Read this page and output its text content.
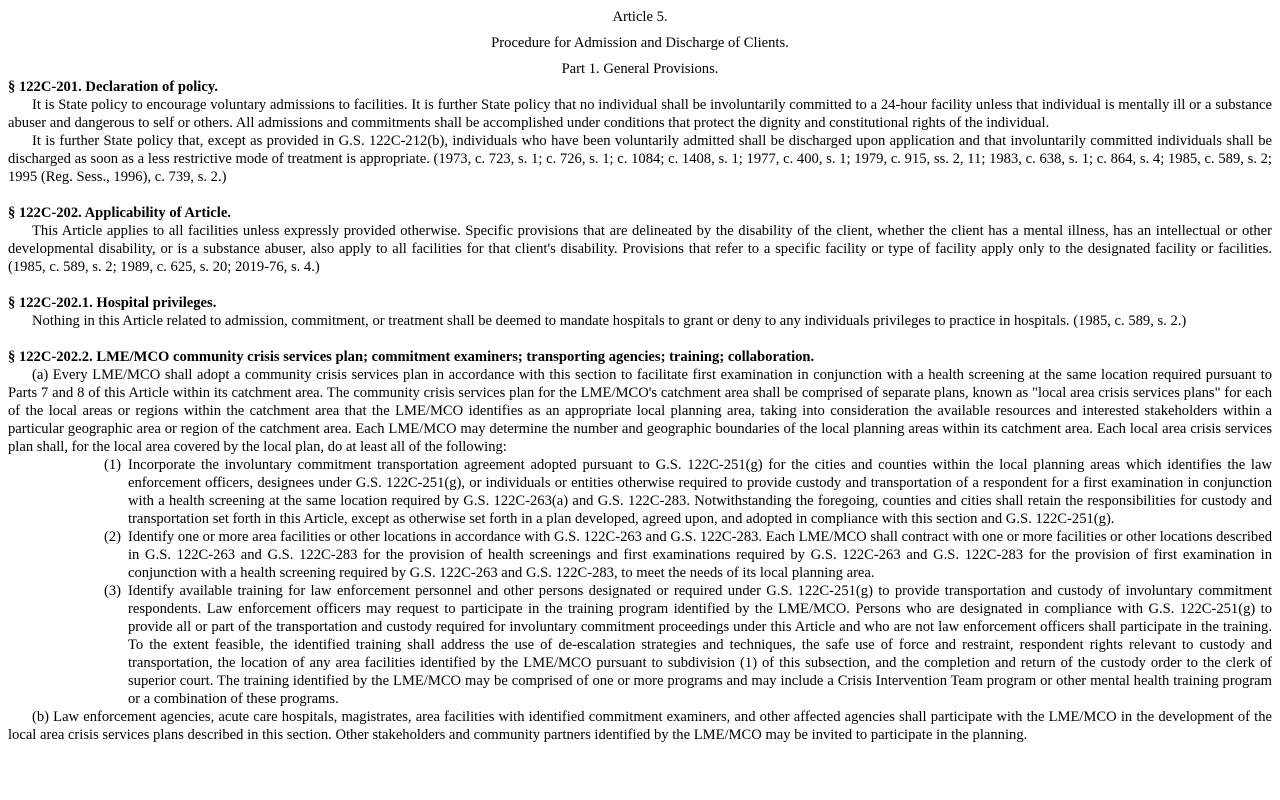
Article 5.

Procedure for Admission and Discharge of Clients.

Part 1. General Provisions.

§ 122C-201. Declaration of policy.

It is State policy to encourage voluntary admissions to facilities. It is further State policy that no individual shall be involuntarily committed to a 24-hour facility unless that individual is mentally ill or a substance abuser and dangerous to self or others. All admissions and commitments shall be accomplished under conditions that protect the dignity and constitutional rights of the individual.

It is further State policy that, except as provided in G.S. 122C-212(b), individuals who have been voluntarily admitted shall be discharged upon application and that involuntarily committed individuals shall be discharged as soon as a less restrictive mode of treatment is appropriate. (1973, c. 723, s. 1; c. 726, s. 1; c. 1084; c. 1408, s. 1; 1977, c. 400, s. 1; 1979, c. 915, ss. 2, 11; 1983, c. 638, s. 1; c. 864, s. 4; 1985, c. 589, s. 2; 1995 (Reg. Sess., 1996), c. 739, s. 2.)

§ 122C-202. Applicability of Article.

This Article applies to all facilities unless expressly provided otherwise. Specific provisions that are delineated by the disability of the client, whether the client has a mental illness, has an intellectual or other developmental disability, or is a substance abuser, also apply to all facilities for that client's disability. Provisions that refer to a specific facility or type of facility apply only to the designated facility or facilities. (1985, c. 589, s. 2; 1989, c. 625, s. 20; 2019-76, s. 4.)

§ 122C-202.1. Hospital privileges.

Nothing in this Article related to admission, commitment, or treatment shall be deemed to mandate hospitals to grant or deny to any individuals privileges to practice in hospitals. (1985, c. 589, s. 2.)

§ 122C-202.2. LME/MCO community crisis services plan; commitment examiners; transporting agencies; training; collaboration.

(a) Every LME/MCO shall adopt a community crisis services plan in accordance with this section to facilitate first examination in conjunction with a health screening at the same location required pursuant to Parts 7 and 8 of this Article within its catchment area. The community crisis services plan for the LME/MCO's catchment area shall be comprised of separate plans, known as "local area crisis services plans" for each of the local areas or regions within the catchment area that the LME/MCO identifies as an appropriate local planning area, taking into consideration the available resources and interested stakeholders within a particular geographic area or region of the catchment area. Each LME/MCO may determine the number and geographic boundaries of the local planning areas within its catchment area. Each local area crisis services plan shall, for the local area covered by the local plan, do at least all of the following:

(1) Incorporate the involuntary commitment transportation agreement adopted pursuant to G.S. 122C-251(g) for the cities and counties within the local planning areas which identifies the law enforcement officers, designees under G.S. 122C-251(g), or individuals or entities otherwise required to provide custody and transportation of a respondent for a first examination in conjunction with a health screening at the same location required by G.S. 122C-263(a) and G.S. 122C-283. Notwithstanding the foregoing, counties and cities shall retain the responsibilities for custody and transportation set forth in this Article, except as otherwise set forth in a plan developed, agreed upon, and adopted in compliance with this section and G.S. 122C-251(g).

(2) Identify one or more area facilities or other locations in accordance with G.S. 122C-263 and G.S. 122C-283. Each LME/MCO shall contract with one or more facilities or other locations described in G.S. 122C-263 and G.S. 122C-283 for the provision of health screenings and first examinations required by G.S. 122C-263 and G.S. 122C-283 for the provision of first examination in conjunction with a health screening required by G.S. 122C-263 and G.S. 122C-283, to meet the needs of its local planning area.

(3) Identify available training for law enforcement personnel and other persons designated or required under G.S. 122C-251(g) to provide transportation and custody of involuntary commitment respondents. Law enforcement officers may request to participate in the training program identified by the LME/MCO. Persons who are designated in compliance with G.S. 122C-251(g) to provide all or part of the transportation and custody required for involuntary commitment proceedings under this Article and who are not law enforcement officers shall participate in the training. To the extent feasible, the identified training shall address the use of de-escalation strategies and techniques, the safe use of force and restraint, respondent rights relevant to custody and transportation, the location of any area facilities identified by the LME/MCO pursuant to subdivision (1) of this subsection, and the completion and return of the custody order to the clerk of superior court. The training identified by the LME/MCO may be comprised of one or more programs and may include a Crisis Intervention Team program or other mental health training program or a combination of these programs.

(b) Law enforcement agencies, acute care hospitals, magistrates, area facilities with identified commitment examiners, and other affected agencies shall participate with the LME/MCO in the development of the local area crisis services plans described in this section. Other stakeholders and community partners identified by the LME/MCO may be invited to participate in the planning.
